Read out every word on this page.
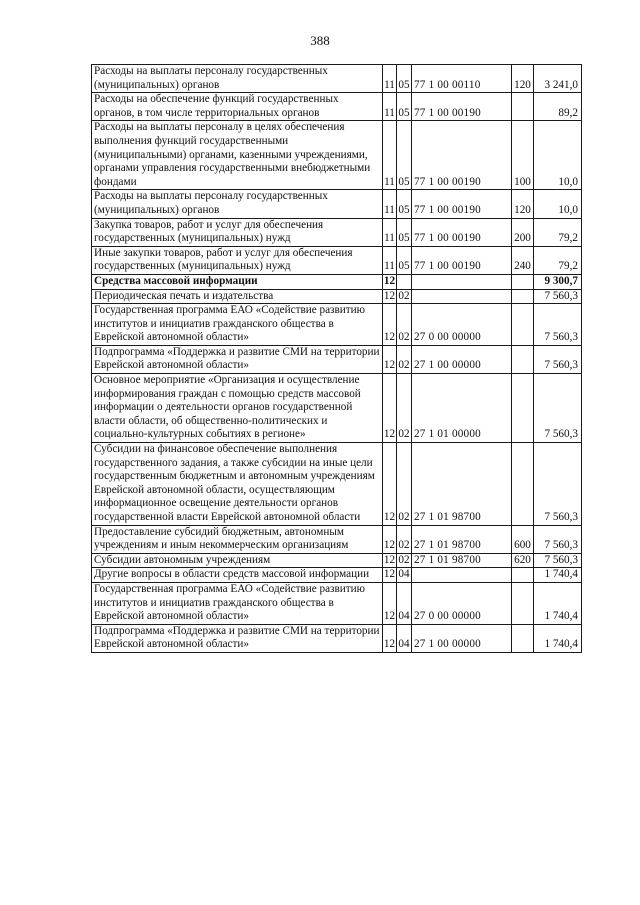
388
Расходы на выплаты персоналу государственных (муниципальных) органов	11	05	77 1 00 00110	120	3 241,0
Расходы на обеспечение функций государственных органов, в том числе территориальных органов	11	05	77 1 00 00190		89,2
Расходы на выплаты персоналу в целях обеспечения выполнения функций государственными (муниципальными) органами, казенными учреждениями, органами управления государственными внебюджетными фондами	11	05	77 1 00 00190	100	10,0
Расходы на выплаты персоналу государственных (муниципальных) органов	11	05	77 1 00 00190	120	10,0
Закупка товаров, работ и услуг для обеспечения государственных (муниципальных) нужд	11	05	77 1 00 00190	200	79,2
Иные закупки товаров, работ и услуг для обеспечения государственных (муниципальных) нужд	11	05	77 1 00 00190	240	79,2
Средства массовой информации	12				9 300,7
Периодическая печать и издательства	12	02			7 560,3
Государственная программа ЕАО «Содействие развитию институтов и инициатив гражданского общества в Еврейской автономной области»	12	02	27 0 00 00000		7 560,3
Подпрограмма «Поддержка и развитие СМИ на территории Еврейской автономной области»	12	02	27 1 00 00000		7 560,3
Основное мероприятие «Организация и осуществление информирования граждан с помощью средств массовой информации о деятельности органов государственной власти области, об общественно-политических и социально-культурных событиях в регионе»	12	02	27 1 01 00000		7 560,3
Субсидии на финансовое обеспечение выполнения государственного задания, а также субсидии на иные цели государственным бюджетным и автономным учреждениям Еврейской автономной области, осуществляющим информационное освещение деятельности органов государственной власти Еврейской автономной области	12	02	27 1 01 98700		7 560,3
Предоставление субсидий бюджетным, автономным учреждениям и иным некоммерческим организациям	12	02	27 1 01 98700	600	7 560,3
Субсидии автономным учреждениям	12	02	27 1 01 98700	620	7 560,3
Другие вопросы в области средств массовой информации	12	04			1 740,4
Государственная программа ЕАО «Содействие развитию институтов и инициатив гражданского общества в Еврейской автономной области»	12	04	27 0 00 00000		1 740,4
Подпрограмма «Поддержка и развитие СМИ на территории Еврейской автономной области»	12	04	27 1 00 00000		1 740,4
